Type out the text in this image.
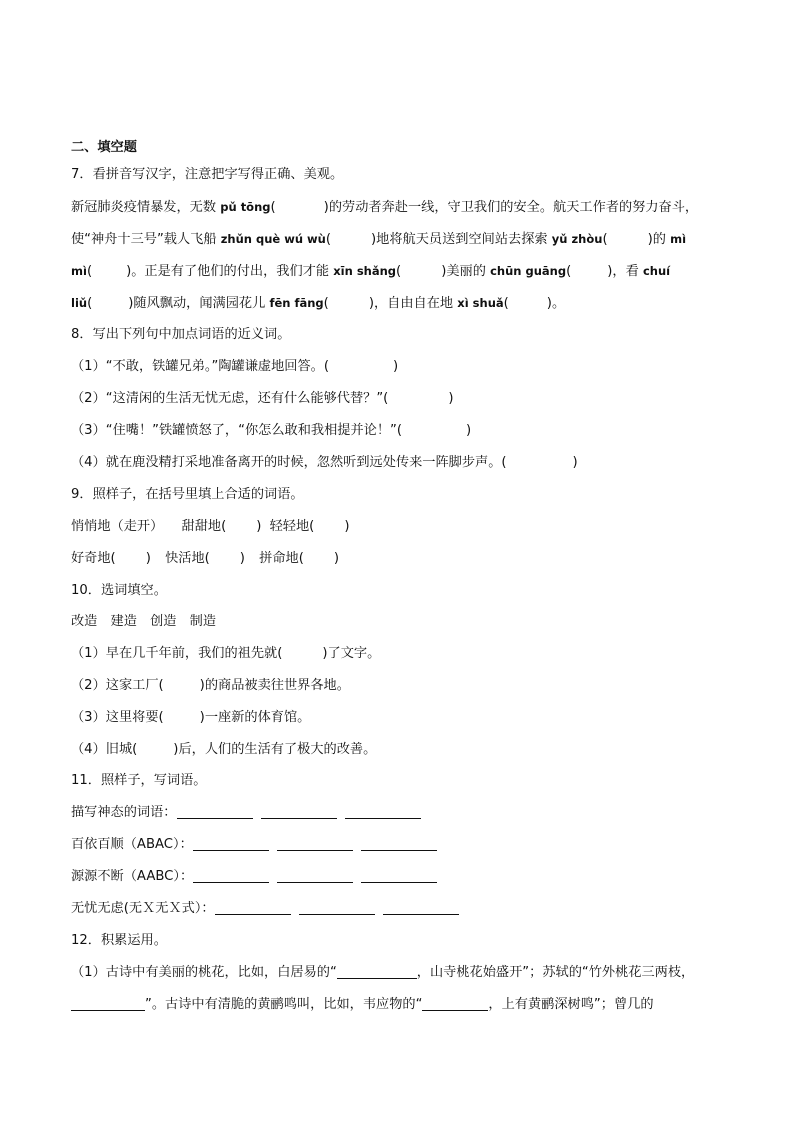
二、填空题
7．看拼音写汉字，注意把字写得正确、美观。
新冠肺炎疫情暴发，无数 pǔ tōng(	)的劳动者奔赴一线，守卫我们的安全。航天工作者的努力奋斗，
使“神舟十三号”载人飞船 zhǔn què wú wù(	)地将航天员送到空间站去探索 yǔ zhòu(	)的 mì
mì(	)。正是有了他们的付出，我们才能 xīn shǎng(	)美丽的 chūn guāng(	)，看 chuí
liǔ(	)随风飘动，闻满园花儿 fēn fāng(	)，自由自在地 xì shuǎ(	)。
8．写出下列句中加点词语的近义词。
（1）“不敢，铁罐兄弟。”陶罐谦虚地回答。(	)
（2）“这清闲的生活无忧无虑，还有什么能够代替？”(	)
（3）“住嘴！”铁罐愤怒了，“你怎么敢和我相提并论！”(	)
（4）就在鹿没精打采地准备离开的时候，忽然听到远处传来一阵脚步声。(	)
9．照样子，在括号里填上合适的词语。
悄悄地（走开） 甜甜地( ) 轻轻地( )
好奇地( ) 快活地( ) 拼命地( )
10．选词填空。
改造　建造　创造　制造
（1）早在几千年前，我们的祖先就(	)了文字。
（2）这家工厂(	)的商品被卖往世界各地。
（3）这里将要(	)一座新的体育馆。
（4）旧城(	)后，人们的生活有了极大的改善。
11．照样子，写词语。
描写神态的词语：
百依百顺（ABAC）：
源源不断（AABC）：
无忧无虑(无Ｘ无Ｘ式）：
12．积累运用。
（1）古诗中有美丽的桃花，比如，白居易的“	，山寺桃花始盛开”；苏轼的“竹外桃花三两枝，
”。古诗中有清脆的黄鹂鸣叫，比如，韦应物的“	，上有黄鹂深树鸣”；曾几的
